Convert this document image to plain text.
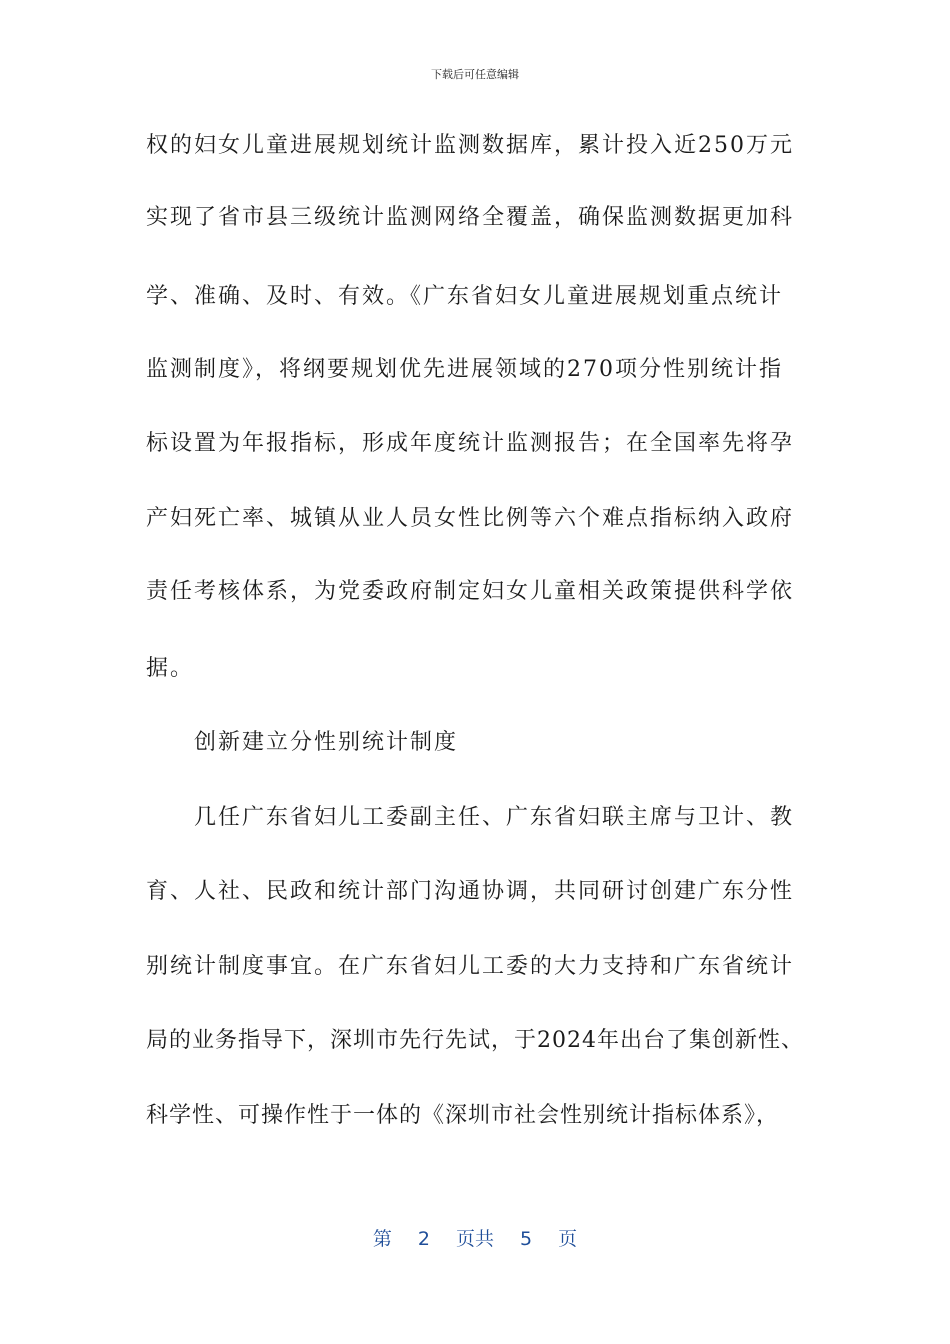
下载后可任意编辑
权的妇女儿童进展规划统计监测数据库，累计投入近250万元
实现了省市县三级统计监测网络全覆盖，确保监测数据更加科
学、准确、及时、有效。《广东省妇女儿童进展规划重点统计
监测制度》，将纲要规划优先进展领域的270项分性别统计指
标设置为年报指标，形成年度统计监测报告；在全国率先将孕
产妇死亡率、城镇从业人员女性比例等六个难点指标纳入政府
责任考核体系，为党委政府制定妇女儿童相关政策提供科学依
据。
创新建立分性别统计制度
几任广东省妇儿工委副主任、广东省妇联主席与卫计、教
育、人社、民政和统计部门沟通协调，共同研讨创建广东分性
别统计制度事宜。在广东省妇儿工委的大力支持和广东省统计
局的业务指导下，深圳市先行先试，于2024年出台了集创新性、
科学性、可操作性于一体的《深圳市社会性别统计指标体系》，
第 2 页共 5 页
